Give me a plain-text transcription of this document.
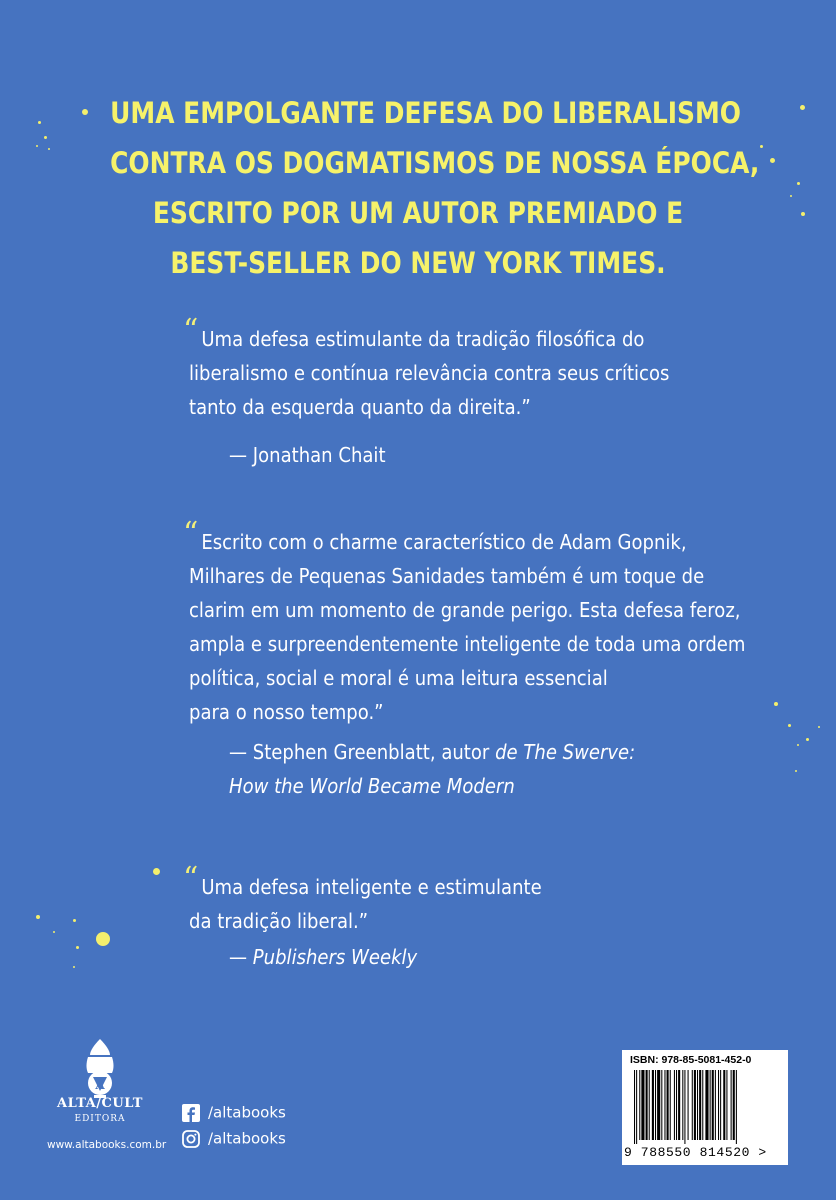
UMA EMPOLGANTE DEFESA DO LIBERALISMO
CONTRA OS DOGMATISMOS DE NOSSA ÉPOCA,
ESCRITO POR UM AUTOR PREMIADO E
BEST-SELLER DO NEW YORK TIMES.
“ Uma defesa estimulante da tradição filosófica do
liberalismo e contínua relevância contra seus críticos
tanto da esquerda quanto da direita.”
— Jonathan Chait
“ Escrito com o charme característico de Adam Gopnik,
Milhares de Pequenas Sanidades também é um toque de
clarim em um momento de grande perigo. Esta defesa feroz,
ampla e surpreendentemente inteligente de toda uma ordem
política, social e moral é uma leitura essencial
para o nosso tempo.”
— Stephen Greenblatt, autor de The Swerve:
How the World Became Modern
“ Uma defesa inteligente e estimulante
da tradição liberal.”
— Publishers Weekly
A
ALTA/CULT
EDITORA
www.altabooks.com.br
/altabooks
/altabooks
ISBN: 978-85-5081-452-0
9 788550 814520 >
